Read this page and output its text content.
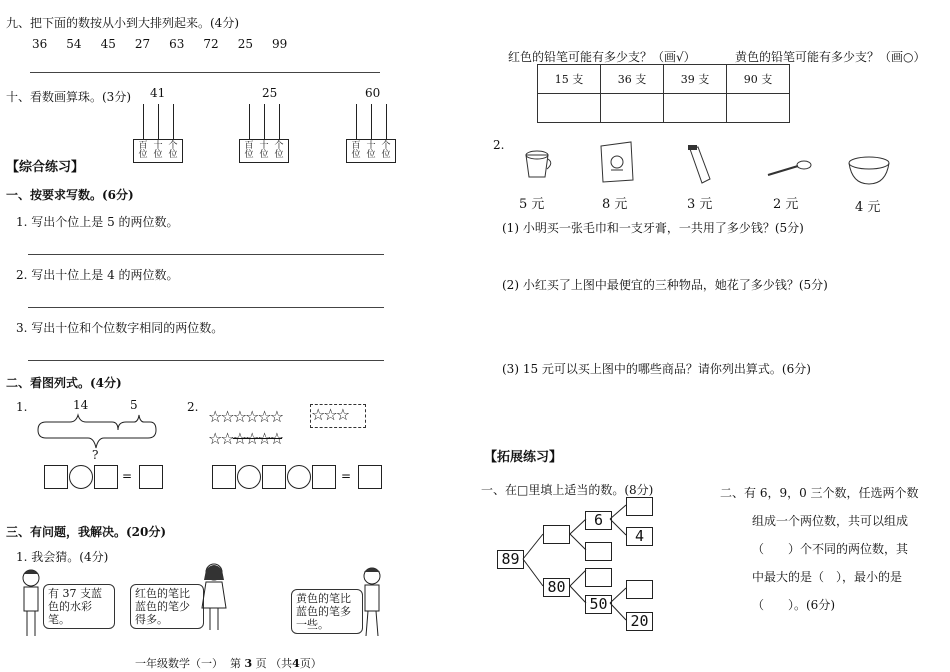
九、把下面的数按从小到大排列起来。(4分)
36 54 45 27 63 72 25 99
十、看数画算珠。(3分) 41
百位
十位
个位
25
百位
十位
个位
60
百位
十位
个位
【综合练习】
一、按要求写数。(6分)
1. 写出个位上是 5 的两位数。
2. 写出十位上是 4 的两位数。
3. 写出十位和个位数字相同的两位数。
二、看图列式。(4分)
1.	14	5
?
=
2. ☆☆☆☆☆☆ ☆☆☆
☆☆☆☆☆☆
=
三、有问题，我解决。(20分)
1. 我会猜。(4分)
有 37 支蓝色的水彩笔。
红色的笔比蓝色的笔少得多。
黄色的笔比蓝色的笔多一些。
一年级数学（一） 第 3 页 （共4页）
红色的铅笔可能有多少支？（画√）	黄色的铅笔可能有多少支？（画○）
15 支	36 支	39 支	90 支

2.
5 元	8 元	3 元	2 元	4 元
(1) 小明买一张毛巾和一支牙膏，一共用了多少钱？(5分)
(2) 小红买了上图中最便宜的三种物品，她花了多少钱？(5分)
(3) 15 元可以买上图中的哪些商品？请你列出算式。(6分)
【拓展练习】
一、在□里填上适当的数。(8分)
89
80
6
50
4
20
二、有 6，9，0 三个数，任选两个数
组成一个两位数，共可以组成
（　　）个不同的两位数，其
中最大的是（　），最小的是
（　　）。(6分)
